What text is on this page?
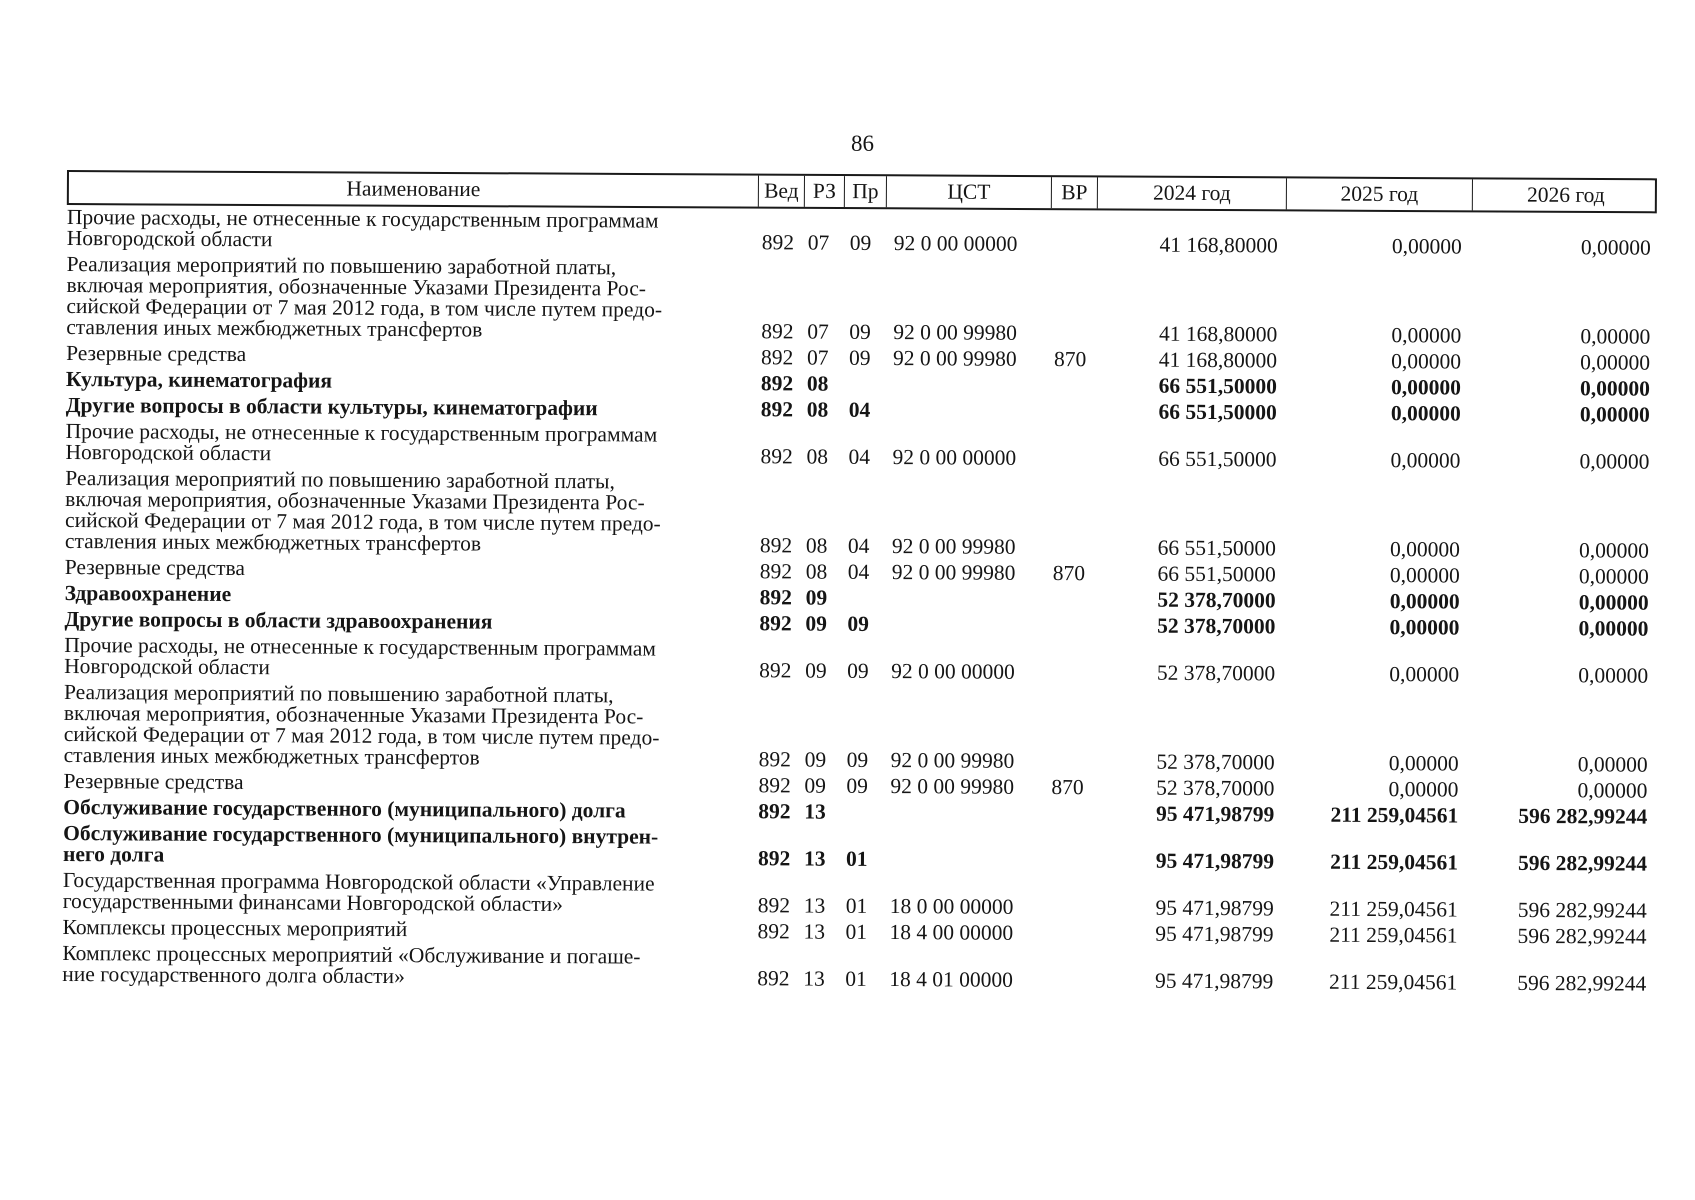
86
Наименование	Вед РЗ Пр	ЦСТ	ВР	2024 год	2025 год	2026 год
Прочие расходы, не отнесенные к государственным программам
Новгородской области	892 07 09	92 0 00 00000	41 168,80000	0,00000	0,00000
Реализация мероприятий по повышению заработной платы,
включая мероприятия, обозначенные Указами Президента Рос-
сийской Федерации от 7 мая 2012 года, в том числе путем предо-
ставления иных межбюджетных трансфертов	892 07 09	92 0 00 99980	41 168,80000	0,00000	0,00000
Резервные средства	892 07 09	92 0 00 99980	870	41 168,80000	0,00000	0,00000
Культура, кинематография	892 08	66 551,50000	0,00000	0,00000
Другие вопросы в области культуры, кинематографии	892 08 04	66 551,50000	0,00000	0,00000
Прочие расходы, не отнесенные к государственным программам
Новгородской области	892 08 04	92 0 00 00000	66 551,50000	0,00000	0,00000
Реализация мероприятий по повышению заработной платы,
включая мероприятия, обозначенные Указами Президента Рос-
сийской Федерации от 7 мая 2012 года, в том числе путем предо-
ставления иных межбюджетных трансфертов	892 08 04	92 0 00 99980	66 551,50000	0,00000	0,00000
Резервные средства	892 08 04	92 0 00 99980	870	66 551,50000	0,00000	0,00000
Здравоохранение	892 09	52 378,70000	0,00000	0,00000
Другие вопросы в области здравоохранения	892 09 09	52 378,70000	0,00000	0,00000
Прочие расходы, не отнесенные к государственным программам
Новгородской области	892 09 09	92 0 00 00000	52 378,70000	0,00000	0,00000
Реализация мероприятий по повышению заработной платы,
включая мероприятия, обозначенные Указами Президента Рос-
сийской Федерации от 7 мая 2012 года, в том числе путем предо-
ставления иных межбюджетных трансфертов	892 09 09	92 0 00 99980	52 378,70000	0,00000	0,00000
Резервные средства	892 09 09	92 0 00 99980	870	52 378,70000	0,00000	0,00000
Обслуживание государственного (муниципального) долга	892 13	95 471,98799	211 259,04561	596 282,99244
Обслуживание государственного (муниципального) внутрен-
него долга	892 13 01	95 471,98799	211 259,04561	596 282,99244
Государственная программа Новгородской области «Управление
государственными финансами Новгородской области»	892 13 01	18 0 00 00000	95 471,98799	211 259,04561	596 282,99244
Комплексы процессных мероприятий	892 13 01	18 4 00 00000	95 471,98799	211 259,04561	596 282,99244
Комплекс процессных мероприятий «Обслуживание и погаше-
ние государственного долга области»	892 13 01	18 4 01 00000	95 471,98799	211 259,04561	596 282,99244
